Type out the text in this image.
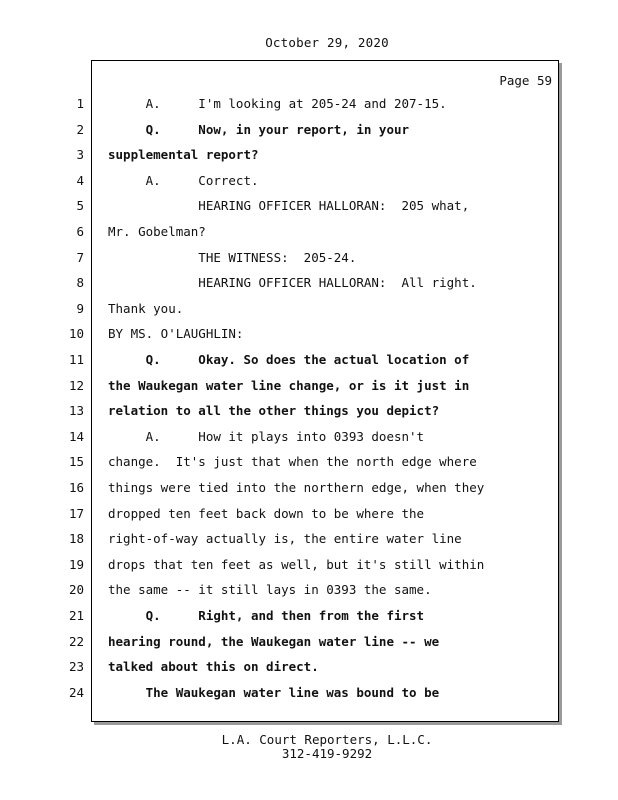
October 29, 2020
Page 59
1 A.     I'm looking at 205-24 and 207-15.
2 Q.     Now, in your report, in your
3 supplemental report?
4 A.     Correct.
5 HEARING OFFICER HALLORAN:  205 what,
6 Mr. Gobelman?
7 THE WITNESS:  205-24.
8 HEARING OFFICER HALLORAN:  All right.
9 Thank you.
10 BY MS. O'LAUGHLIN:
11 Q.     Okay. So does the actual location of
12 the Waukegan water line change, or is it just in
13 relation to all the other things you depict?
14 A.     How it plays into 0393 doesn't
15 change.  It's just that when the north edge where
16 things were tied into the northern edge, when they
17 dropped ten feet back down to be where the
18 right-of-way actually is, the entire water line
19 drops that ten feet as well, but it's still within
20 the same -- it still lays in 0393 the same.
21 Q.     Right, and then from the first
22 hearing round, the Waukegan water line -- we
23 talked about this on direct.
24 The Waukegan water line was bound to be
L.A. Court Reporters, L.L.C.
312-419-9292
